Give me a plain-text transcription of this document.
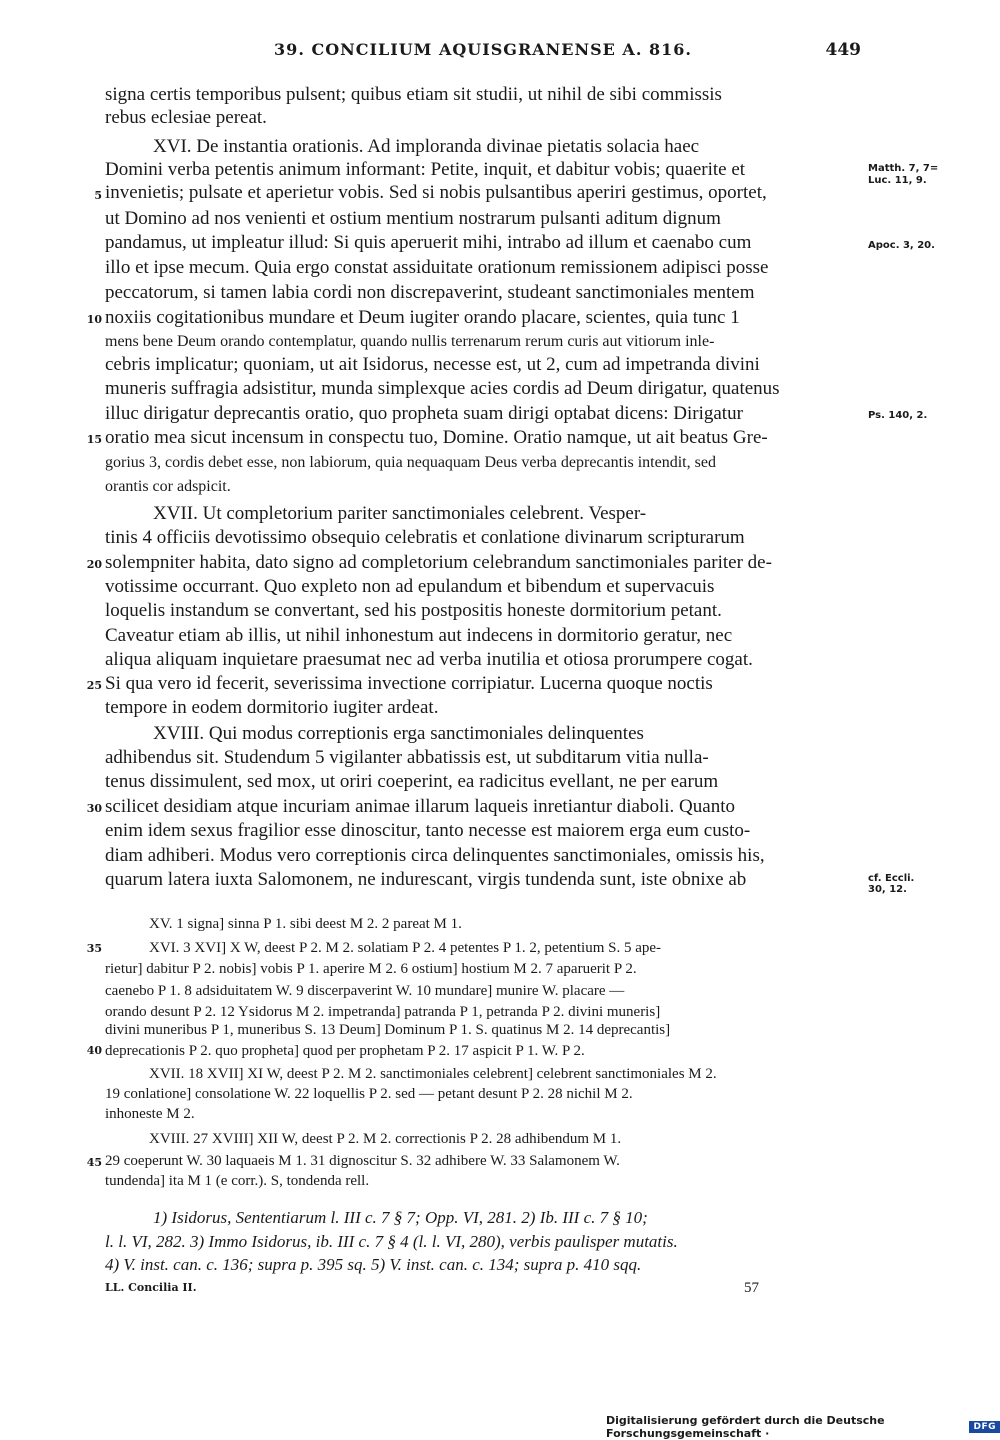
39. CONCILIUM AQUISGRANENSE A. 816.	449
signa certis temporibus pulsent; quibus etiam sit studii, ut nihil de sibi commissis
rebus eclesiae pereat.
XVI. De instantia orationis. Ad imploranda divinae pietatis solacia haec
Domini verba petentis animum informant: Petite, inquit, et dabitur vobis; quaerite et
invenietis; pulsate et aperietur vobis. Sed si nobis pulsantibus aperiri gestimus, oportet,
ut Domino ad nos venienti et ostium mentium nostrarum pulsanti aditum dignum
pandamus, ut impleatur illud: Si quis aperuerit mihi, intrabo ad illum et caenabo cum
illo et ipse mecum. Quia ergo constat assiduitate orationum remissionem adipisci posse
peccatorum, si tamen labia cordi non discrepaverint, studeant sanctimoniales mentem
noxiis cogitationibus mundare et Deum iugiter orando placare, scientes, quia tunc 1
mens bene Deum orando contemplatur, quando nullis terrenarum rerum curis aut vitiorum inle-
cebris implicatur; quoniam, ut ait Isidorus, necesse est, ut 2, cum ad impetranda divini
muneris suffragia adsistitur, munda simplexque acies cordis ad Deum dirigatur, quatenus
illuc dirigatur deprecantis oratio, quo propheta suam dirigi optabat dicens: Dirigatur
oratio mea sicut incensum in conspectu tuo, Domine. Oratio namque, ut ait beatus Gre-
gorius 3, cordis debet esse, non labiorum, quia nequaquam Deus verba deprecantis intendit, sed
orantis cor adspicit.
XVII. Ut completorium pariter sanctimoniales celebrent. Vesper-
tinis 4 officiis devotissimo obsequio celebratis et conlatione divinarum scripturarum
solempniter habita, dato signo ad completorium celebrandum sanctimoniales pariter de-
votissime occurrant. Quo expleto non ad epulandum et bibendum et supervacuis
loquelis instandum se convertant, sed his postpositis honeste dormitorium petant.
Caveatur etiam ab illis, ut nihil inhonestum aut indecens in dormitorio geratur, nec
aliqua aliquam inquietare praesumat nec ad verba inutilia et otiosa prorumpere cogat.
Si qua vero id fecerit, severissima invectione corripiatur. Lucerna quoque noctis
tempore in eodem dormitorio iugiter ardeat.
XVIII. Qui modus correptionis erga sanctimoniales delinquentes
adhibendus sit. Studendum 5 vigilanter abbatissis est, ut subditarum vitia nulla-
tenus dissimulent, sed mox, ut oriri coeperint, ea radicitus evellant, ne per earum
scilicet desidiam atque incuriam animae illarum laqueis inretiantur diaboli. Quanto
enim idem sexus fragilior esse dinoscitur, tanto necesse est maiorem erga eum custo-
diam adhiberi. Modus vero correptionis circa delinquentes sanctimoniales, omissis his,
quarum latera iuxta Salomonem, ne indurescant, virgis tundenda sunt, iste obnixe ab
5
10
15
20
25
30
35
40
45
Matth. 7, 7=
Luc. 11, 9.
Apoc. 3, 20.
Ps. 140, 2.
cf. Eccli.
30, 12.
XV. 1 signa] sinna P 1. sibi deest M 2. 2 pareat M 1.
XVI. 3 XVI] X W, deest P 2. M 2. solatiam P 2. 4 petentes P 1. 2, petentium S. 5 ape-
rietur] dabitur P 2. nobis] vobis P 1. aperire M 2. 6 ostium] hostium M 2. 7 aparuerit P 2.
caenebo P 1. 8 adsiduitatem W. 9 discerpaverint W. 10 mundare] munire W. placare —
orando desunt P 2. 12 Ysidorus M 2. impetranda] patranda P 1, petranda P 2. divini muneris]
divini muneribus P 1, muneribus S. 13 Deum] Dominum P 1. S. quatinus M 2. 14 deprecantis]
deprecationis P 2. quo propheta] quod per prophetam P 2. 17 aspicit P 1. W. P 2.
XVII. 18 XVII] XI W, deest P 2. M 2. sanctimoniales celebrent] celebrent sanctimoniales M 2.
19 conlatione] consolatione W. 22 loquellis P 2. sed — petant desunt P 2. 28 nichil M 2.
inhoneste M 2.
XVIII. 27 XVIII] XII W, deest P 2. M 2. correctionis P 2. 28 adhibendum M 1.
29 coeperunt W. 30 laquaeis M 1. 31 dignoscitur S. 32 adhibere W. 33 Salamonem W.
tundenda] ita M 1 (e corr.). S, tondenda rell.
1) Isidorus, Sententiarum l. III c. 7 § 7; Opp. VI, 281. 2) Ib. III c. 7 § 10;
l. l. VI, 282. 3) Immo Isidorus, ib. III c. 7 § 4 (l. l. VI, 280), verbis paulisper mutatis.
4) V. inst. can. c. 136; supra p. 395 sq. 5) V. inst. can. c. 134; supra p. 410 sqq.
LL. Concilia II.	57
Digitalisierung gefördert durch die Deutsche Forschungsgemeinschaft ·	DFG
